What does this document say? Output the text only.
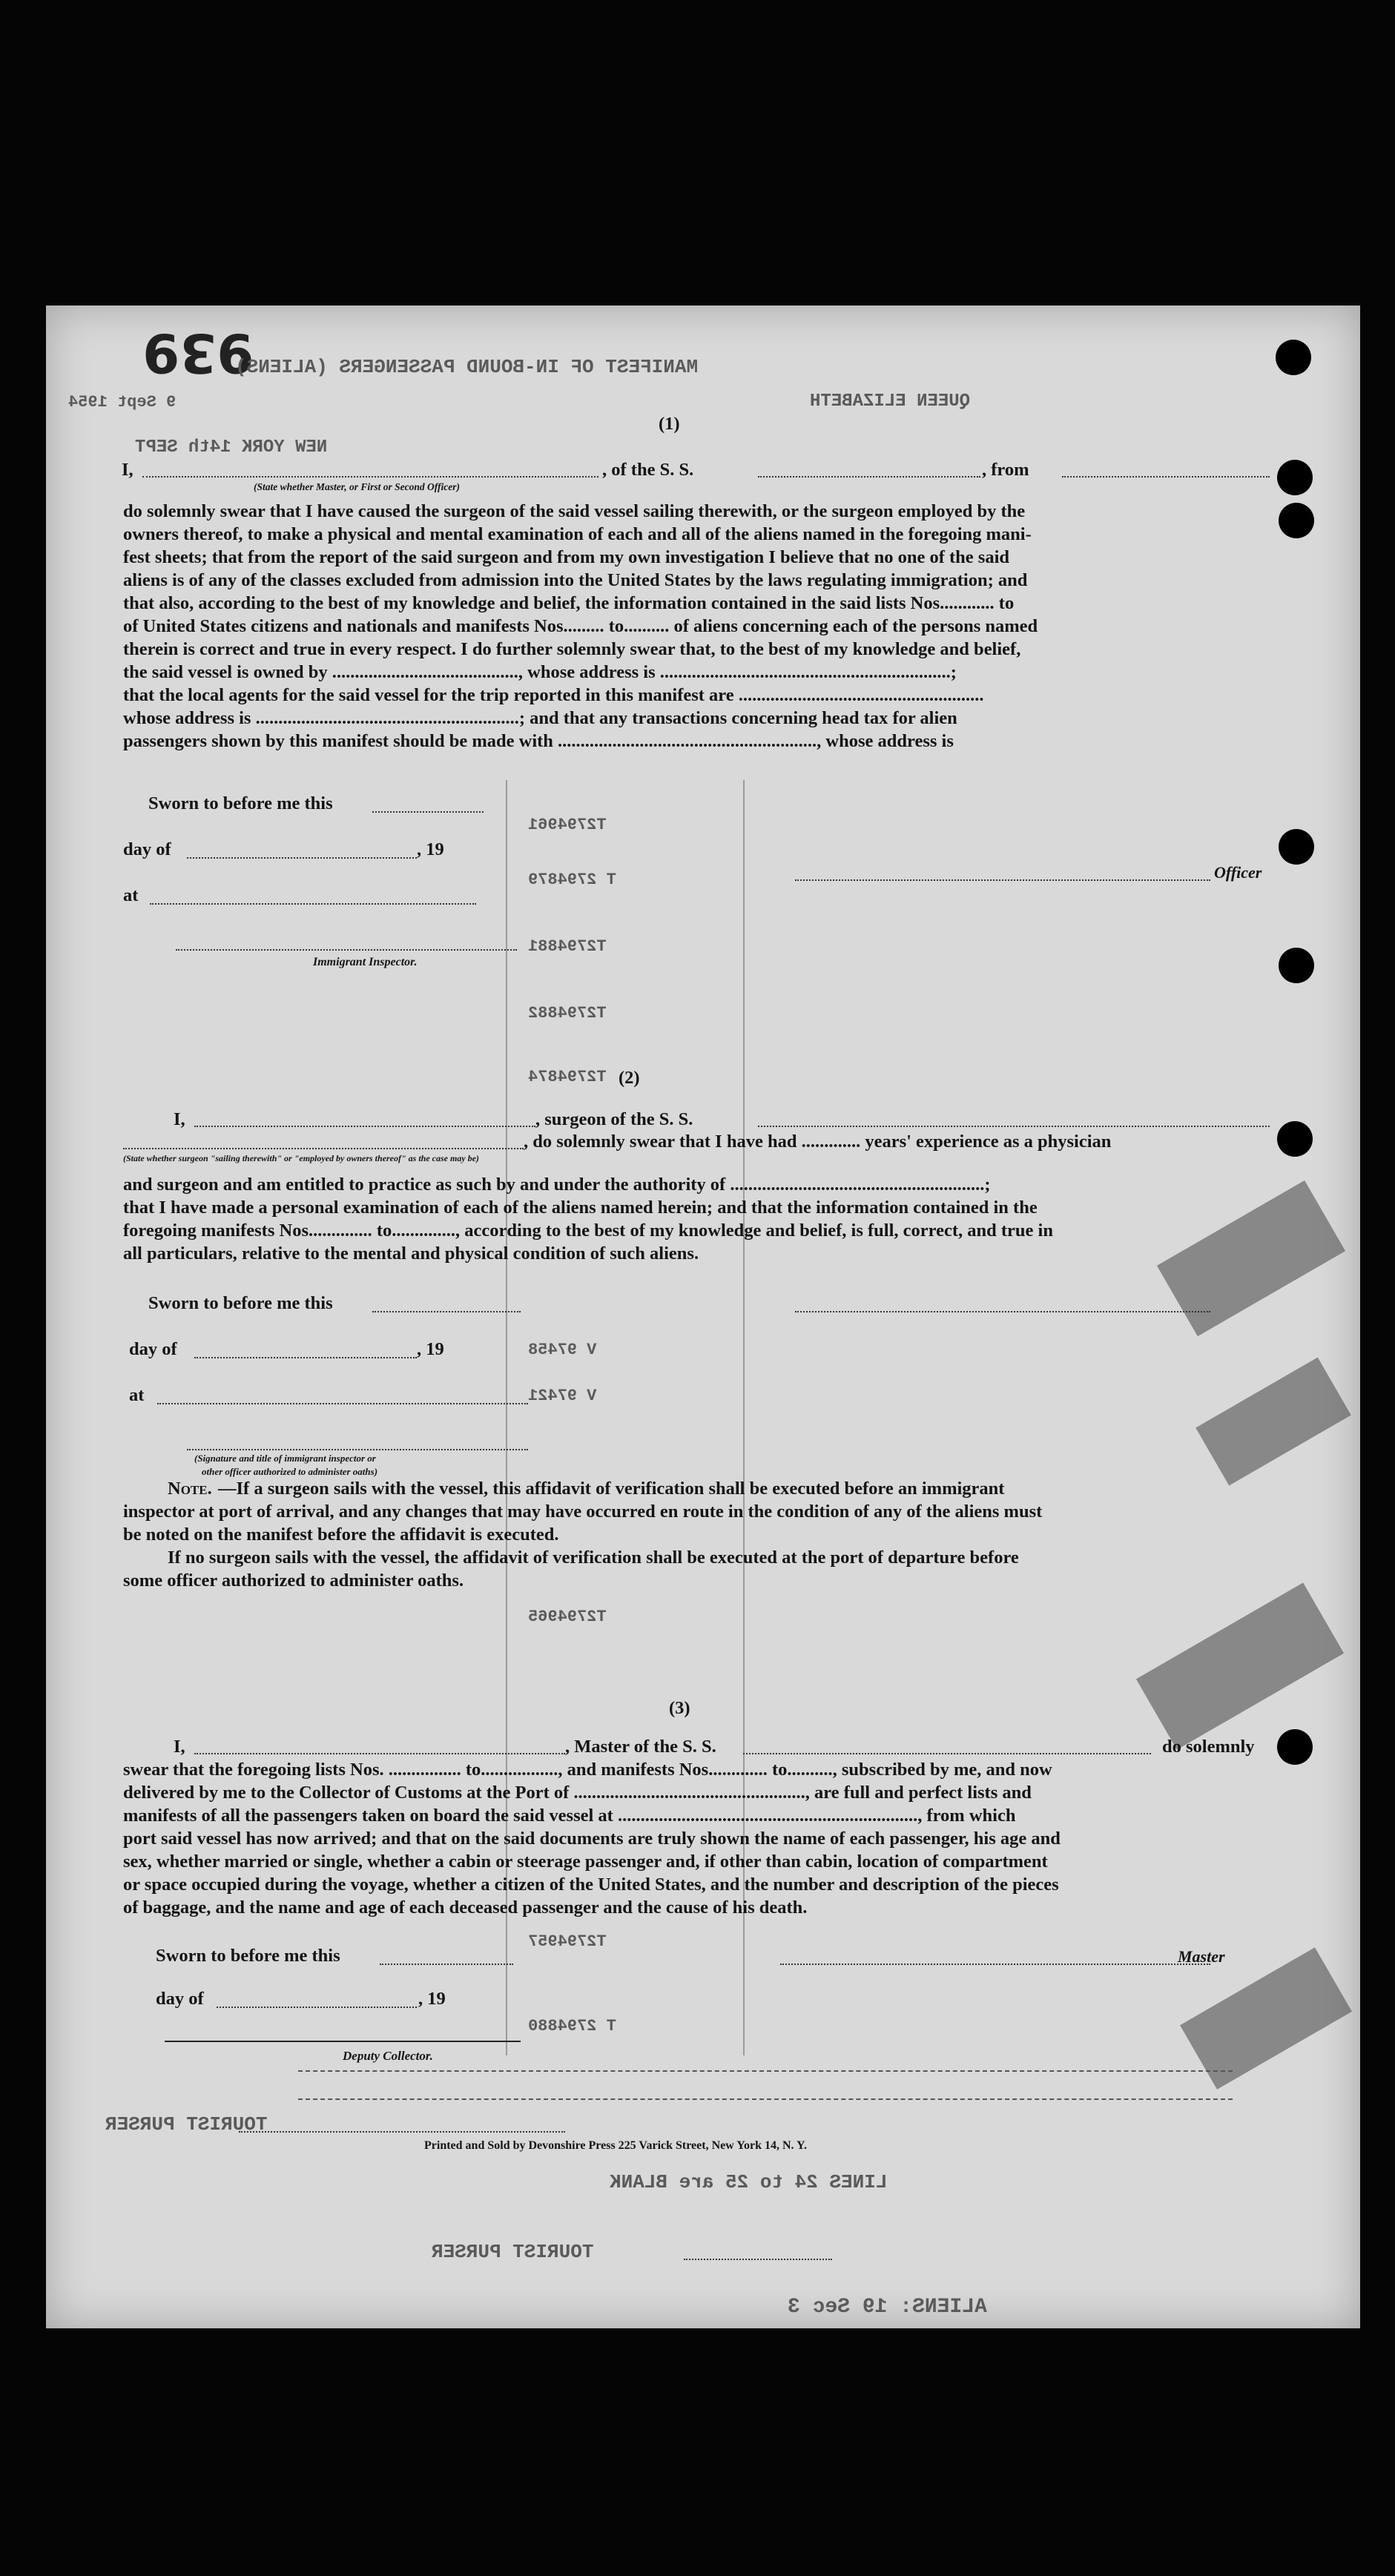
939
MANIFEST OF IN-BOUND PASSENGERS (ALIENS)
9 Sept 1954	QUEEN ELIZABETH
NEW YORK 14th SEPT
(1)
I,	, of the S. S.	, from
(State whether Master, or First or Second Officer)
do solemnly swear that I have caused the surgeon of the said vessel sailing therewith, or the surgeon employed by the
owners thereof, to make a physical and mental examination of each and all of the aliens named in the foregoing mani-
fest sheets; that from the report of the said surgeon and from my own investigation I believe that no one of the said
aliens is of any of the classes excluded from admission into the United States by the laws regulating immigration; and
that also, according to the best of my knowledge and belief, the information contained in the said lists Nos............ to
of United States citizens and nationals and manifests Nos......... to.......... of aliens concerning each of the persons named
therein is correct and true in every respect. I do further solemnly swear that, to the best of my knowledge and belief,
the said vessel is owned by ........................................., whose address is ................................................................;
that the local agents for the said vessel for the trip reported in this manifest are ......................................................
whose address is ..........................................................; and that any transactions concerning head tax for alien
passengers shown by this manifest should be made with ........................................................., whose address is
Sworn to before me this
day of	, 19
at
Immigrant Inspector.
Officer
(2)
I,	, surgeon of the S. S.
, do solemnly swear that I have had ............. years' experience as a physician
(State whether surgeon "sailing therewith" or "employed by owners thereof" as the case may be)
and surgeon and am entitled to practice as such by and under the authority of ........................................................;
that I have made a personal examination of each of the aliens named herein; and that the information contained in the
foregoing manifests Nos.............. to.............., according to the best of my knowledge and belief, is full, correct, and true in
all particulars, relative to the mental and physical condition of such aliens.
Sworn to before me this
day of	, 19
at
(Signature and title of immigrant inspector or
other officer authorized to administer oaths)
Note. —If a surgeon sails with the vessel, this affidavit of verification shall be executed before an immigrant
inspector at port of arrival, and any changes that may have occurred en route in the condition of any of the aliens must
be noted on the manifest before the affidavit is executed.
If no surgeon sails with the vessel, the affidavit of verification shall be executed at the port of departure before
some officer authorized to administer oaths.
(3)
I,	, Master of the S. S.	do solemnly
swear that the foregoing lists Nos. ................ to................., and manifests Nos............. to.........., subscribed by me, and now
delivered by me to the Collector of Customs at the Port of ..................................................., are full and perfect lists and
manifests of all the passengers taken on board the said vessel at .................................................................., from which
port said vessel has now arrived; and that on the said documents are truly shown the name of each passenger, his age and
sex, whether married or single, whether a cabin or steerage passenger and, if other than cabin, location of compartment
or space occupied during the voyage, whether a citizen of the United States, and the number and description of the pieces
of baggage, and the name and age of each deceased passenger and the cause of his death.
Sworn to before me this
day of	, 19
Deputy Collector.
Master
T2794961
T 2794879
T2794881
T2794882
T2794874
V 97421
V 97458
T2794965
T2794957
T 2794880
TOURIST PURSER
Printed and Sold by Devonshire Press 225 Varick Street, New York 14, N. Y.
LINES 24 to 25 are BLANK
TOURIST PURSER
ALIENS: 19 Sec 3
